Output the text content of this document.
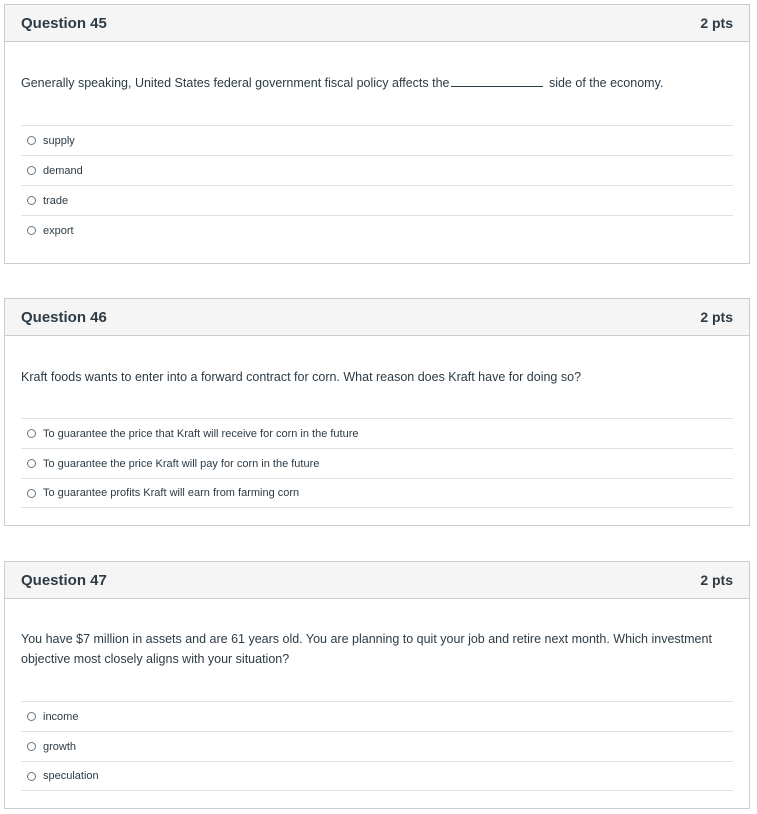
Question 45	2 pts
Generally speaking, United States federal government fiscal policy affects the	side of the economy.
supply
demand
trade
export
Question 46	2 pts
Kraft foods wants to enter into a forward contract for corn. What reason does Kraft have for doing so?
To guarantee the price that Kraft will receive for corn in the future
To guarantee the price Kraft will pay for corn in the future
To guarantee profits Kraft will earn from farming corn
Question 47	2 pts
You have $7 million in assets and are 61 years old. You are planning to quit your job and retire next month. Which investment objective most closely aligns with your situation?
income
growth
speculation
